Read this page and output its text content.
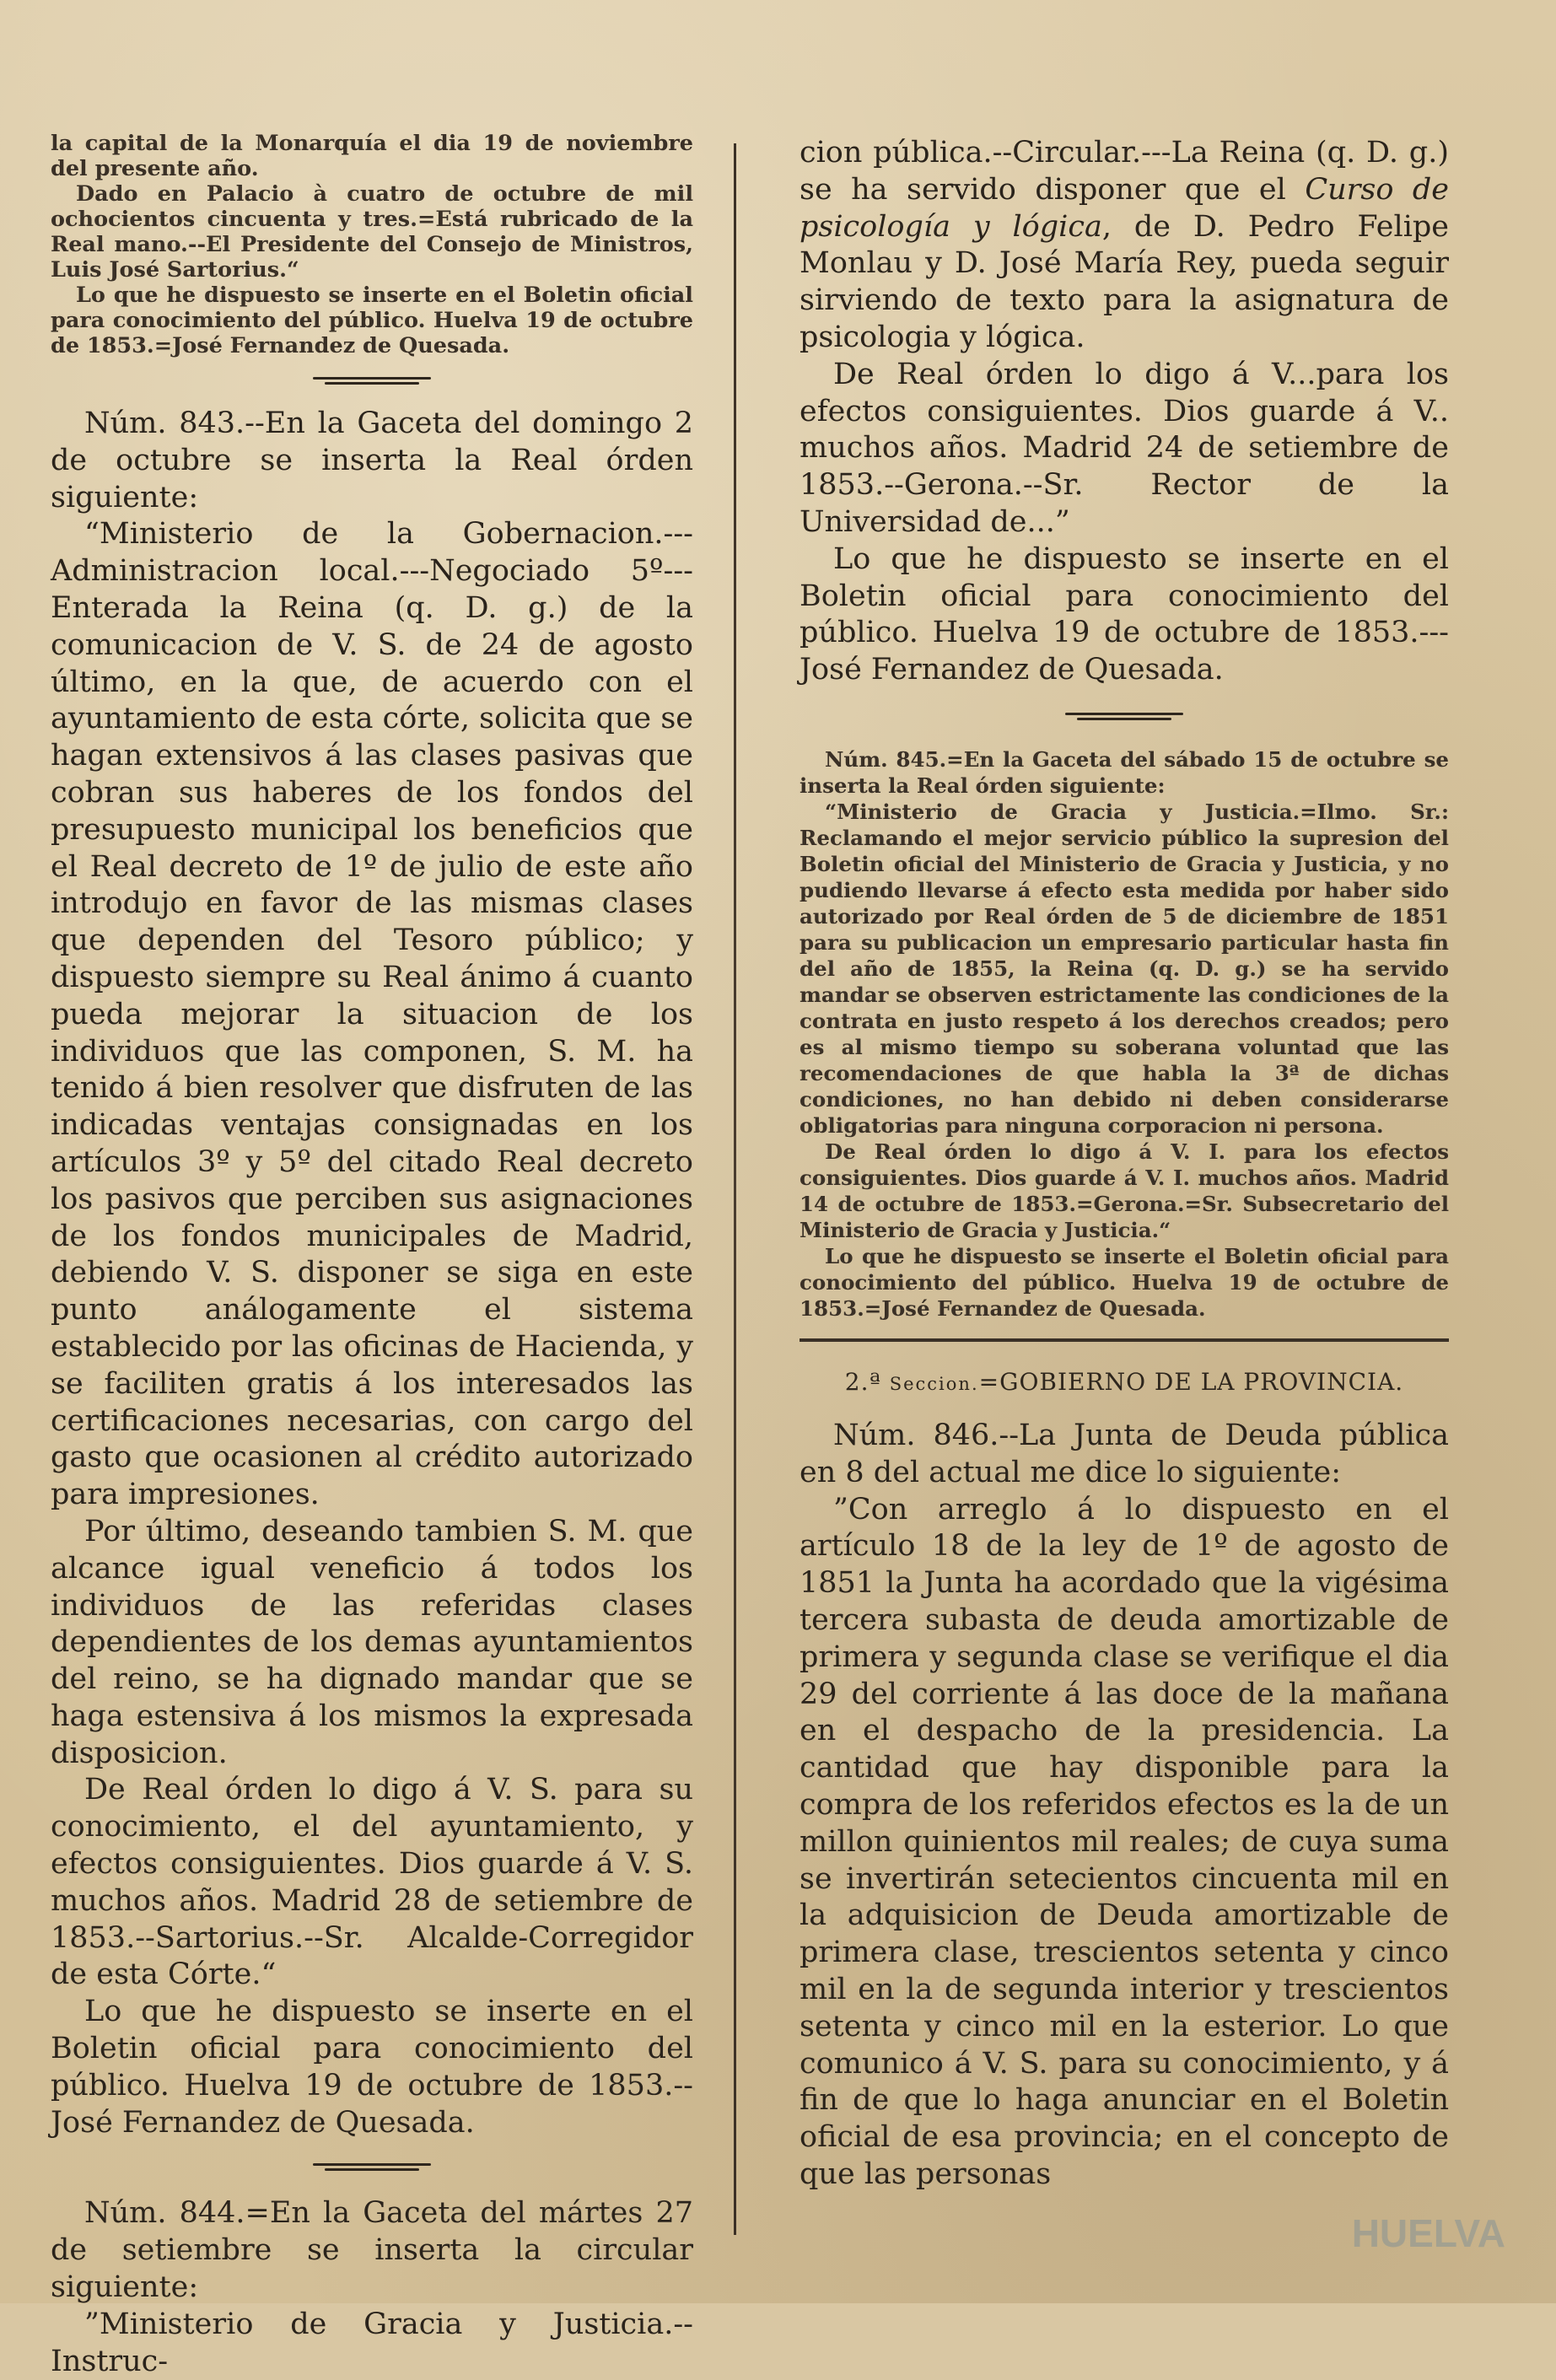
la capital de la Monarquía el dia 19 de noviembre del presente año.

Dado en Palacio à cuatro de octubre de mil ochocientos cincuenta y tres.=Está rubricado de la Real mano.--El Presidente del Consejo de Ministros, Luis José Sartorius.“

Lo que he dispuesto se inserte en el Boletin oficial para conocimiento del público. Huelva 19 de octubre de 1853.=José Fernandez de Quesada.

Núm. 843.--En la Gaceta del domingo 2 de octubre se inserta la Real órden siguiente:

“Ministerio de la Gobernacion.---Administracion local.---Negociado 5º---Enterada la Reina (q. D. g.) de la comunicacion de V. S. de 24 de agosto último, en la que, de acuerdo con el ayuntamiento de esta córte, solicita que se hagan extensivos á las clases pasivas que cobran sus haberes de los fondos del presupuesto municipal los beneficios que el Real decreto de 1º de julio de este año introdujo en favor de las mismas clases que dependen del Tesoro público; y dispuesto siempre su Real ánimo á cuanto pueda mejorar la situacion de los individuos que las componen, S. M. ha tenido á bien resolver que disfruten de las indicadas ventajas consignadas en los artículos 3º y 5º del citado Real decreto los pasivos que perciben sus asignaciones de los fondos municipales de Madrid, debiendo V. S. disponer se siga en este punto análogamente el sistema establecido por las oficinas de Hacienda, y se faciliten gratis á los interesados las certificaciones necesarias, con cargo del gasto que ocasionen al crédito autorizado para impresiones.

Por último, deseando tambien S. M. que alcance igual veneficio á todos los individuos de las referidas clases dependientes de los demas ayuntamientos del reino, se ha dignado mandar que se haga estensiva á los mismos la expresada disposicion.

De Real órden lo digo á V. S. para su conocimiento, el del ayuntamiento, y efectos consiguientes. Dios guarde á V. S. muchos años. Madrid 28 de setiembre de 1853.--Sartorius.--Sr. Alcalde-Corregidor de esta Córte.“

Lo que he dispuesto se inserte en el Boletin oficial para conocimiento del público. Huelva 19 de octubre de 1853.--José Fernandez de Quesada.

Núm. 844.=En la Gaceta del mártes 27 de setiembre se inserta la circular siguiente:

”Ministerio de Gracia y Justicia.--Instruc-

cion pública.--Circular.---La Reina (q. D. g.) se ha servido disponer que el Curso de psicología y lógica, de D. Pedro Felipe Monlau y D. José María Rey, pueda seguir sirviendo de texto para la asignatura de psicologia y lógica.

De Real órden lo digo á V...para los efectos consiguientes. Dios guarde á V.. muchos años. Madrid 24 de setiembre de 1853.--Gerona.--Sr. Rector de la Universidad de...”

Lo que he dispuesto se inserte en el Boletin oficial para conocimiento del público. Huelva 19 de octubre de 1853.---José Fernandez de Quesada.

Núm. 845.=En la Gaceta del sábado 15 de octubre se inserta la Real órden siguiente:

“Ministerio de Gracia y Justicia.=Ilmo. Sr.: Reclamando el mejor servicio público la supresion del Boletin oficial del Ministerio de Gracia y Justicia, y no pudiendo llevarse á efecto esta medida por haber sido autorizado por Real órden de 5 de diciembre de 1851 para su publicacion un empresario particular hasta fin del año de 1855, la Reina (q. D. g.) se ha servido mandar se observen estrictamente las condiciones de la contrata en justo respeto á los derechos creados; pero es al mismo tiempo su soberana voluntad que las recomendaciones de que habla la 3ª de dichas condiciones, no han debido ni deben considerarse obligatorias para ninguna corporacion ni persona.

De Real órden lo digo á V. I. para los efectos consiguientes. Dios guarde á V. I. muchos años. Madrid 14 de octubre de 1853.=Gerona.=Sr. Subsecretario del Ministerio de Gracia y Justicia.“

Lo que he dispuesto se inserte el Boletin oficial para conocimiento del público. Huelva 19 de octubre de 1853.=José Fernandez de Quesada.

2.ª Seccion.=GOBIERNO DE LA PROVINCIA.

Núm. 846.--La Junta de Deuda pública en 8 del actual me dice lo siguiente:

”Con arreglo á lo dispuesto en el artículo 18 de la ley de 1º de agosto de 1851 la Junta ha acordado que la vigésima tercera subasta de deuda amortizable de primera y segunda clase se verifique el dia 29 del corriente á las doce de la mañana en el despacho de la presidencia. La cantidad que hay disponible para la compra de los referidos efectos es la de un millon quinientos mil reales; de cuya suma se invertirán setecientos cincuenta mil en la adquisicion de Deuda amortizable de primera clase, trescientos setenta y cinco mil en la de segunda interior y trescientos setenta y cinco mil en la esterior. Lo que comunico á V. S. para su conocimiento, y á fin de que lo haga anunciar en el Boletin oficial de esa provincia; en el concepto de que las personas

HUELVA
